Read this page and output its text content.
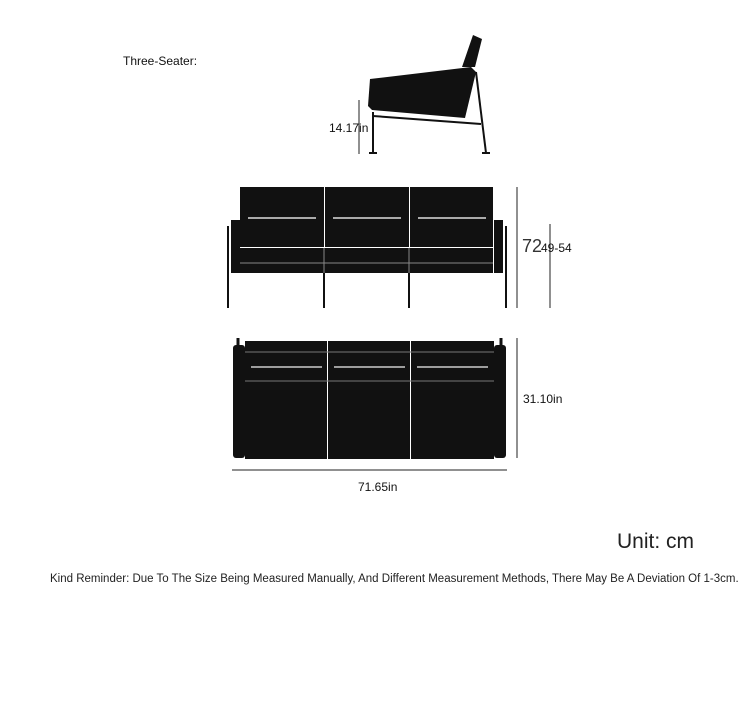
Three-Seater:
14.17in
72
49-54
31.10in
71.65in
Unit: cm
Kind Reminder: Due To The Size Being Measured Manually, And Different Measurement Methods, There May Be A Deviation Of 1-3cm.
